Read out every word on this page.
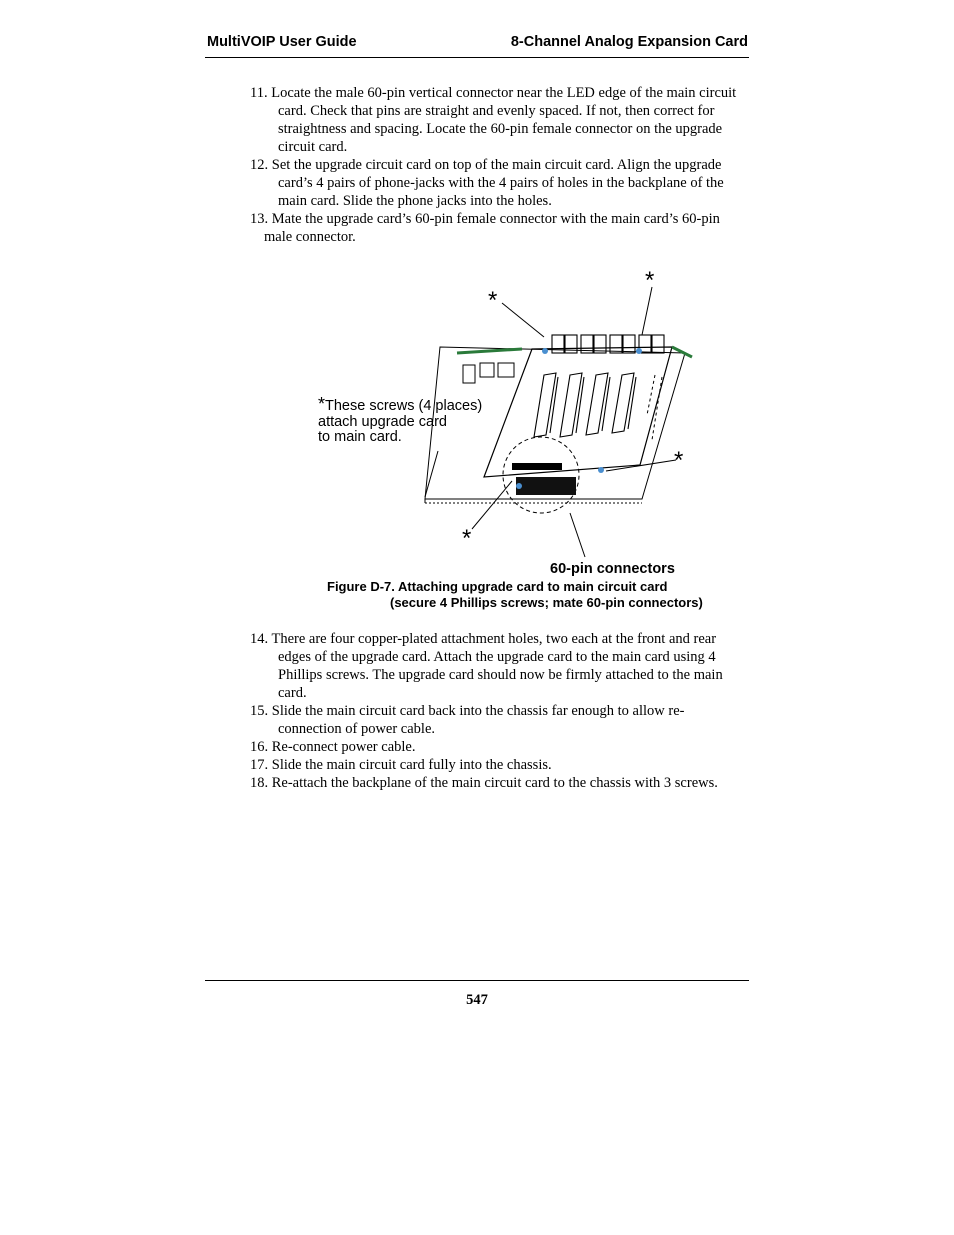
MultiVOIP User Guide	8-Channel Analog Expansion Card
11. Locate the male 60-pin vertical connector near the LED edge of the main circuit card. Check that pins are straight and evenly spaced. If not, then correct for straightness and spacing. Locate the 60-pin female connector on the upgrade circuit card.
12. Set the upgrade circuit card on top of the main circuit card. Align the upgrade card’s 4 pairs of phone-jacks with the 4 pairs of holes in the backplane of the main card. Slide the phone jacks into the holes.
13. Mate the upgrade card’s 60-pin female connector with the main card’s 60-pin male connector.
*
*
*
*
*These screws (4 places)
attach upgrade card
to main card.
60-pin connectors
Figure D-7. Attaching upgrade card to main circuit card
(secure 4 Phillips screws; mate 60-pin connectors)
14. There are four copper-plated attachment holes, two each at the front and rear edges of the upgrade card. Attach the upgrade card to the main card using 4 Phillips screws. The upgrade card should now be firmly attached to the main card.
15. Slide the main circuit card back into the chassis far enough to allow re-connection of power cable.
16. Re-connect power cable.
17. Slide the main circuit card fully into the chassis.
18. Re-attach the backplane of the main circuit card to the chassis with 3 screws.
547
